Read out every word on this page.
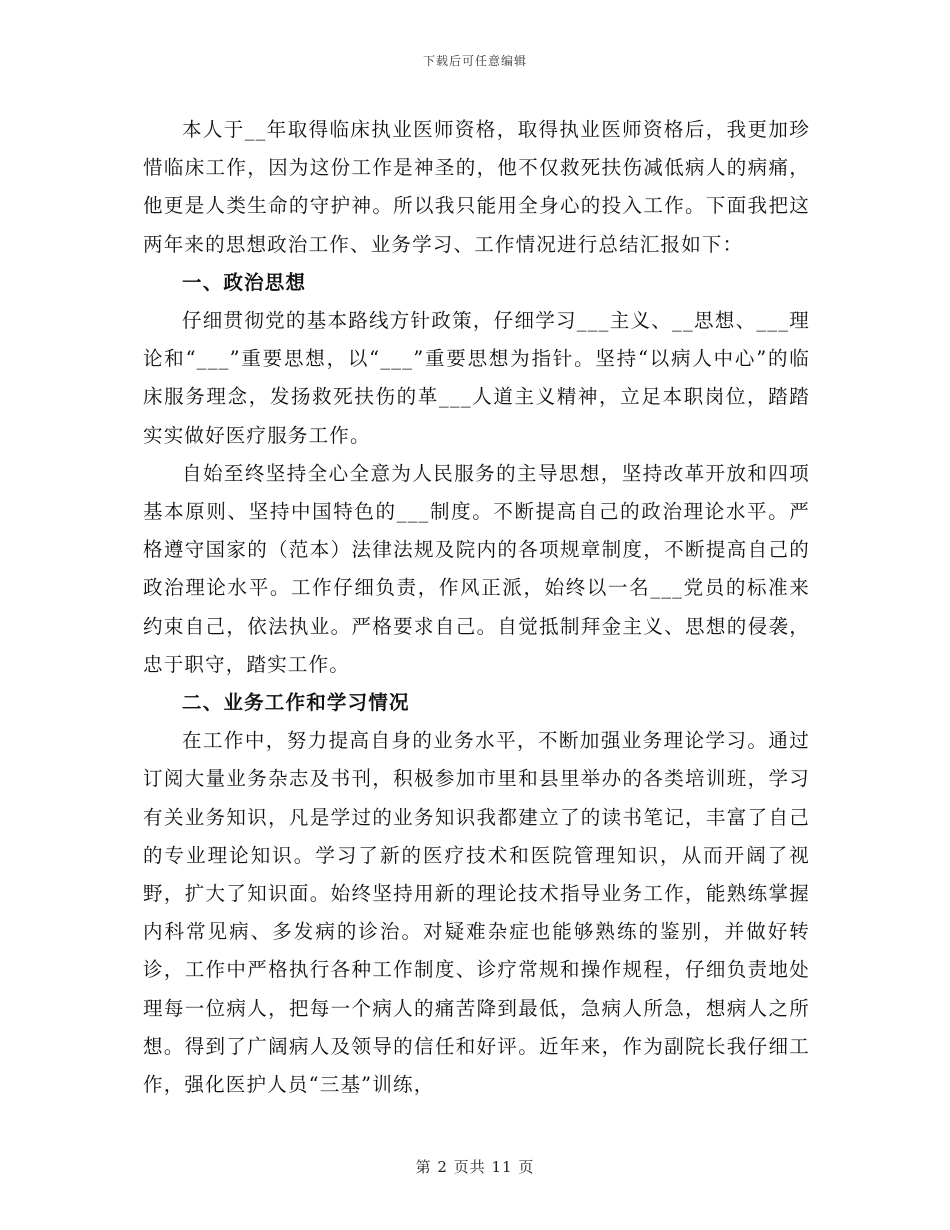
下载后可任意编辑

本人于__年取得临床执业医师资格，取得执业医师资格后，我更加珍惜临床工作，因为这份工作是神圣的，他不仅救死扶伤减低病人的病痛，他更是人类生命的守护神。所以我只能用全身心的投入工作。下面我把这两年来的思想政治工作、业务学习、工作情况进行总结汇报如下：

一、政治思想

仔细贯彻党的基本路线方针政策，仔细学习___主义、__思想、___理论和“___”重要思想，以“___”重要思想为指针。坚持“以病人中心”的临床服务理念，发扬救死扶伤的革___人道主义精神，立足本职岗位，踏踏实实做好医疗服务工作。

自始至终坚持全心全意为人民服务的主导思想，坚持改革开放和四项基本原则、坚持中国特色的___制度。不断提高自己的政治理论水平。严格遵守国家的（范本）法律法规及院内的各项规章制度，不断提高自己的政治理论水平。工作仔细负责，作风正派，始终以一名___党员的标准来约束自己，依法执业。严格要求自己。自觉抵制拜金主义、思想的侵袭，忠于职守，踏实工作。

二、业务工作和学习情况

在工作中，努力提高自身的业务水平，不断加强业务理论学习。通过订阅大量业务杂志及书刊，积极参加市里和县里举办的各类培训班，学习有关业务知识，凡是学过的业务知识我都建立了的读书笔记，丰富了自己的专业理论知识。学习了新的医疗技术和医院管理知识，从而开阔了视野，扩大了知识面。始终坚持用新的理论技术指导业务工作，能熟练掌握内科常见病、多发病的诊治。对疑难杂症也能够熟练的鉴别，并做好转诊，工作中严格执行各种工作制度、诊疗常规和操作规程，仔细负责地处理每一位病人，把每一个病人的痛苦降到最低，急病人所急，想病人之所想。得到了广阔病人及领导的信任和好评。近年来，作为副院长我仔细工作，强化医护人员“三基”训练，

第 2 页共 11 页
